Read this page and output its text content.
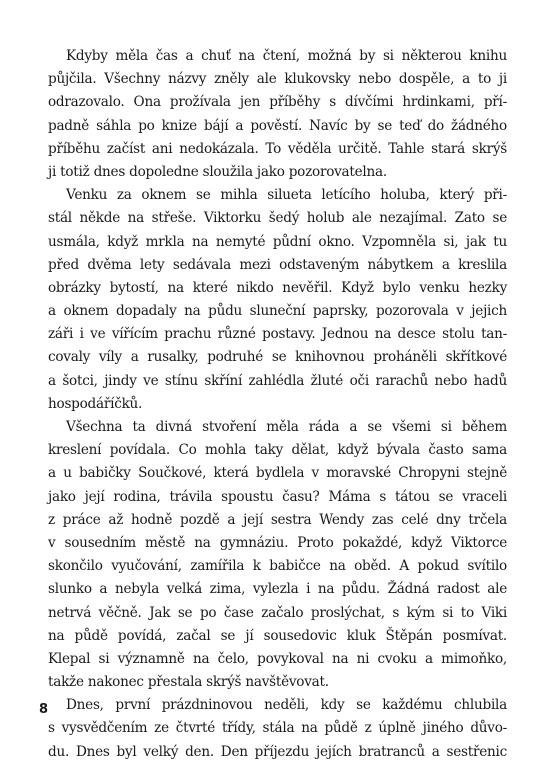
Kdyby měla čas a chuť na čtení, možná by si některou knihu
půjčila. Všechny názvy zněly ale klukovsky nebo dospěle, a to ji
odrazovalo. Ona prožívala jen příběhy s dívčími hrdinkami, pří-
padně sáhla po knize bájí a pověstí. Navíc by se teď do žádného
příběhu začíst ani nedokázala. To věděla určitě. Tahle stará skrýš
ji totiž dnes dopoledne sloužila jako pozorovatelna.
Venku za oknem se mihla silueta letícího holuba, který při-
stál někde na střeše. Viktorku šedý holub ale nezajímal. Zato se
usmála, když mrkla na nemyté půdní okno. Vzpomněla si, jak tu
před dvěma lety sedávala mezi odstaveným nábytkem a kreslila
obrázky bytostí, na které nikdo nevěřil. Když bylo venku hezky
a oknem dopadaly na půdu sluneční paprsky, pozorovala v jejich
záři i ve vířícím prachu různé postavy. Jednou na desce stolu tan-
covaly víly a rusalky, podruhé se knihovnou proháněli skřítkové
a šotci, jindy ve stínu skříní zahlédla žluté oči rarachů nebo hadů
hospodáříčků.
Všechna ta divná stvoření měla ráda a se všemi si během
kreslení povídala. Co mohla taky dělat, když bývala často sama
a u babičky Součkové, která bydlela v moravské Chropyni stejně
jako její rodina, trávila spoustu času? Máma s tátou se vraceli
z práce až hodně pozdě a její sestra Wendy zas celé dny trčela
v sousedním městě na gymnáziu. Proto pokaždé, když Viktorce
skončilo vyučování, zamířila k babičce na oběd. A pokud svítilo
slunko a nebyla velká zima, vylezla i na půdu. Žádná radost ale
netrvá věčně. Jak se po čase začalo proslýchat, s kým si to Viki
na půdě povídá, začal se jí sousedovic kluk Štěpán posmívat.
Klepal si významně na čelo, povykoval na ni cvoku a mimoňko,
takže nakonec přestala skrýš navštěvovat.
Dnes, první prázdninovou neděli, kdy se každému chlubila
s vysvědčením ze čtvrté třídy, stála na půdě z úplně jiného důvo-
du. Dnes byl velký den. Den příjezdu jejích bratranců a sestřenic
8
